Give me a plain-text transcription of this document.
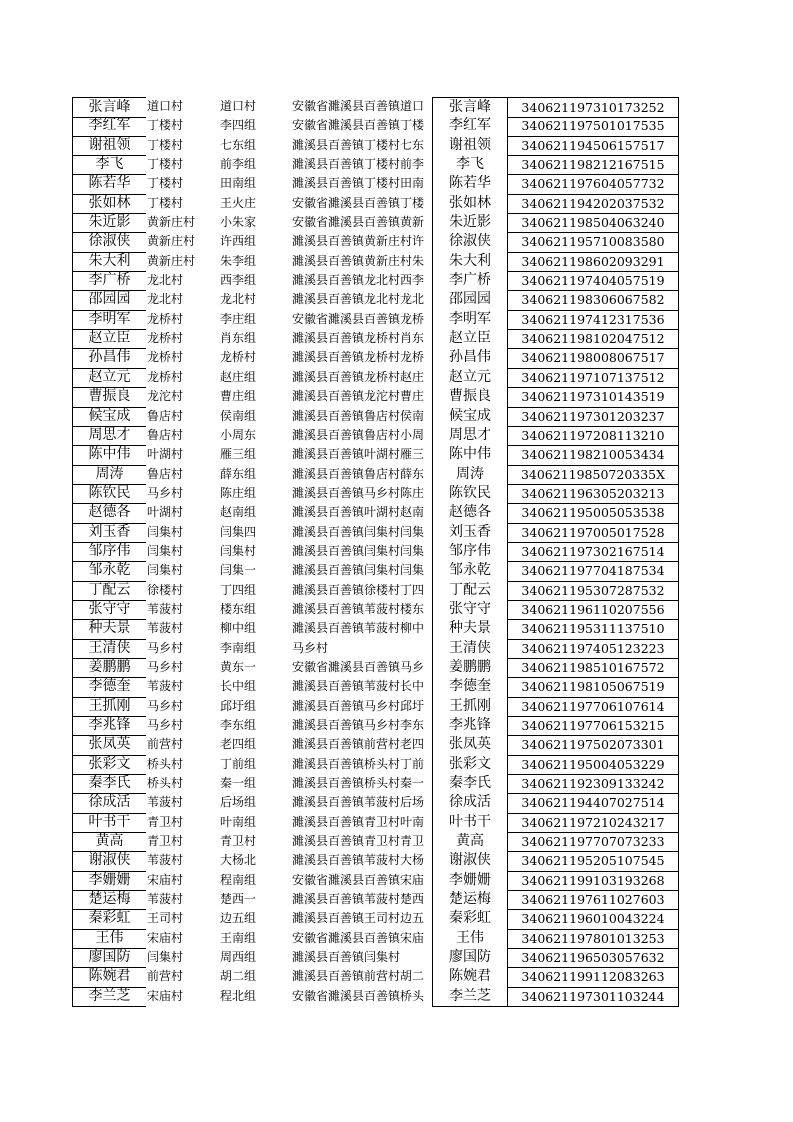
张言峰	道口村	道口村	安徽省濉溪县百善镇道口	张言峰	340621197310173252
李红军	丁楼村	李四组	安徽省濉溪县百善镇丁楼	李红军	340621197501017535
谢祖领	丁楼村	七东组	濉溪县百善镇丁楼村七东	谢祖领	340621194506157517
李飞	丁楼村	前李组	濉溪县百善镇丁楼村前李	李飞	340621198212167515
陈若华	丁楼村	田南组	濉溪县百善镇丁楼村田南	陈若华	340621197604057732
张如林	丁楼村	王火庄	安徽省濉溪县百善镇丁楼	张如林	340621194202037532
朱近影	黄新庄村	小朱家	安徽省濉溪县百善镇黄新	朱近影	340621198504063240
徐淑侠	黄新庄村	许西组	濉溪县百善镇黄新庄村许	徐淑侠	340621195710083580
朱大利	黄新庄村	朱李组	濉溪县百善镇黄新庄村朱	朱大利	340621198602093291
李广桥	龙北村	西李组	濉溪县百善镇龙北村西李	李广桥	340621197404057519
邵园园	龙北村	龙北村	濉溪县百善镇龙北村龙北	邵园园	340621198306067582
李明军	龙桥村	李庄组	安徽省濉溪县百善镇龙桥	李明军	340621197412317536
赵立臣	龙桥村	肖东组	濉溪县百善镇龙桥村肖东	赵立臣	340621198102047512
孙昌伟	龙桥村	龙桥村	濉溪县百善镇龙桥村龙桥	孙昌伟	340621198008067517
赵立元	龙桥村	赵庄组	濉溪县百善镇龙桥村赵庄	赵立元	340621197107137512
曹振良	龙沱村	曹庄组	濉溪县百善镇龙沱村曹庄	曹振良	340621197310143519
候宝成	鲁店村	侯南组	濉溪县百善镇鲁店村侯南	候宝成	340621197301203237
周思才	鲁店村	小周东	濉溪县百善镇鲁店村小周	周思才	340621197208113210
陈中伟	叶湖村	雁三组	濉溪县百善镇叶湖村雁三	陈中伟	340621198210053434
周涛	鲁店村	薛东组	濉溪县百善镇鲁店村薛东	周涛	34062119850720335X
陈钦民	马乡村	陈庄组	濉溪县百善镇马乡村陈庄	陈钦民	340621196305203213
赵德各	叶湖村	赵南组	濉溪县百善镇叶湖村赵南	赵德各	340621195005053538
刘玉香	闫集村	闫集四	濉溪县百善镇闫集村闫集	刘玉香	340621197005017528
邹序伟	闫集村	闫集村	濉溪县百善镇闫集村闫集	邹序伟	340621197302167514
邹永乾	闫集村	闫集一	濉溪县百善镇闫集村闫集	邹永乾	340621197704187534
丁配云	徐楼村	丁四组	濉溪县百善镇徐楼村丁四	丁配云	340621195307287532
张守守	苇菠村	楼东组	濉溪县百善镇苇菠村楼东	张守守	340621196110207556
种夫景	苇菠村	柳中组	濉溪县百善镇苇菠村柳中	种夫景	340621195311137510
王清侠	马乡村	李南组	马乡村	王清侠	340621197405123223
姜鹏鹏	马乡村	黄东一	安徽省濉溪县百善镇马乡	姜鹏鹏	340621198510167572
李德奎	苇菠村	长中组	濉溪县百善镇苇菠村长中	李德奎	340621198105067519
王抓刚	马乡村	邱圩组	濉溪县百善镇马乡村邱圩	王抓刚	340621197706107614
李兆锋	马乡村	李东组	濉溪县百善镇马乡村李东	李兆锋	340621197706153215
张凤英	前营村	老四组	濉溪县百善镇前营村老四	张凤英	340621197502073301
张彩文	桥头村	丁前组	濉溪县百善镇桥头村丁前	张彩文	340621195004053229
秦李氏	桥头村	秦一组	濉溪县百善镇桥头村秦一	秦李氏	340621192309133242
徐成活	苇菠村	后场组	濉溪县百善镇苇菠村后场	徐成活	340621194407027514
叶书干	青卫村	叶南组	濉溪县百善镇青卫村叶南	叶书干	340621197210243217
黄高	青卫村	青卫村	濉溪县百善镇青卫村青卫	黄高	340621197707073233
谢淑侠	苇菠村	大杨北	濉溪县百善镇苇菠村大杨	谢淑侠	340621195205107545
李姗姗	宋庙村	程南组	安徽省濉溪县百善镇宋庙	李姗姗	340621199103193268
楚运梅	苇菠村	楚西一	濉溪县百善镇苇菠村楚西	楚运梅	340621197611027603
秦彩虹	王司村	边五组	濉溪县百善镇王司村边五	秦彩虹	340621196010043224
王伟	宋庙村	王南组	安徽省濉溪县百善镇宋庙	王伟	340621197801013253
廖国防	闫集村	周西组	濉溪县百善镇闫集村	廖国防	340621196503057632
陈婉君	前营村	胡二组	濉溪县百善镇前营村胡二	陈婉君	340621199112083263
李兰芝	宋庙村	程北组	安徽省濉溪县百善镇桥头	李兰芝	340621197301103244
